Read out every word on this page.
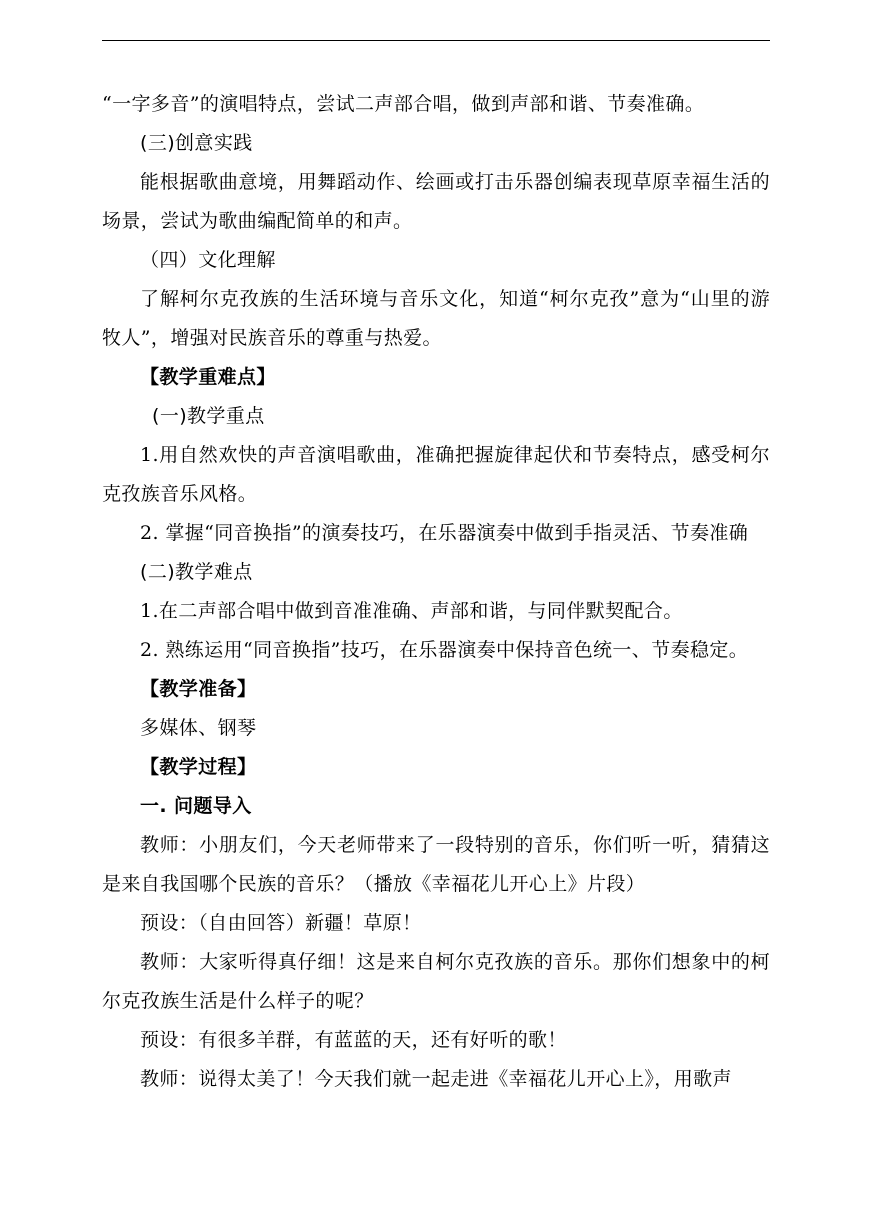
“一字多音”的演唱特点，尝试二声部合唱，做到声部和谐、节奏准确。

(三)创意实践

能根据歌曲意境，用舞蹈动作、绘画或打击乐器创编表现草原幸福生活的场景，尝试为歌曲编配简单的和声。

（四）文化理解

了解柯尔克孜族的生活环境与音乐文化，知道“柯尔克孜”意为“山里的游牧人”，增强对民族音乐的尊重与热爱。

【教学重难点】

(一)教学重点

1.用自然欢快的声音演唱歌曲，准确把握旋律起伏和节奏特点，感受柯尔克孜族音乐风格。

2. 掌握“同音换指”的演奏技巧，在乐器演奏中做到手指灵活、节奏准确

(二)教学难点

1.在二声部合唱中做到音准准确、声部和谐，与同伴默契配合。

2. 熟练运用“同音换指”技巧，在乐器演奏中保持音色统一、节奏稳定。

【教学准备】

多媒体、钢琴

【教学过程】

一. 问题导入

教师：小朋友们，今天老师带来了一段特别的音乐，你们听一听，猜猜这是来自我国哪个民族的音乐？（播放《幸福花儿开心上》片段）

预设：（自由回答）新疆！草原！

教师：大家听得真仔细！这是来自柯尔克孜族的音乐。那你们想象中的柯尔克孜族生活是什么样子的呢？

预设：有很多羊群，有蓝蓝的天，还有好听的歌！

教师：说得太美了！今天我们就一起走进《幸福花儿开心上》，用歌声
